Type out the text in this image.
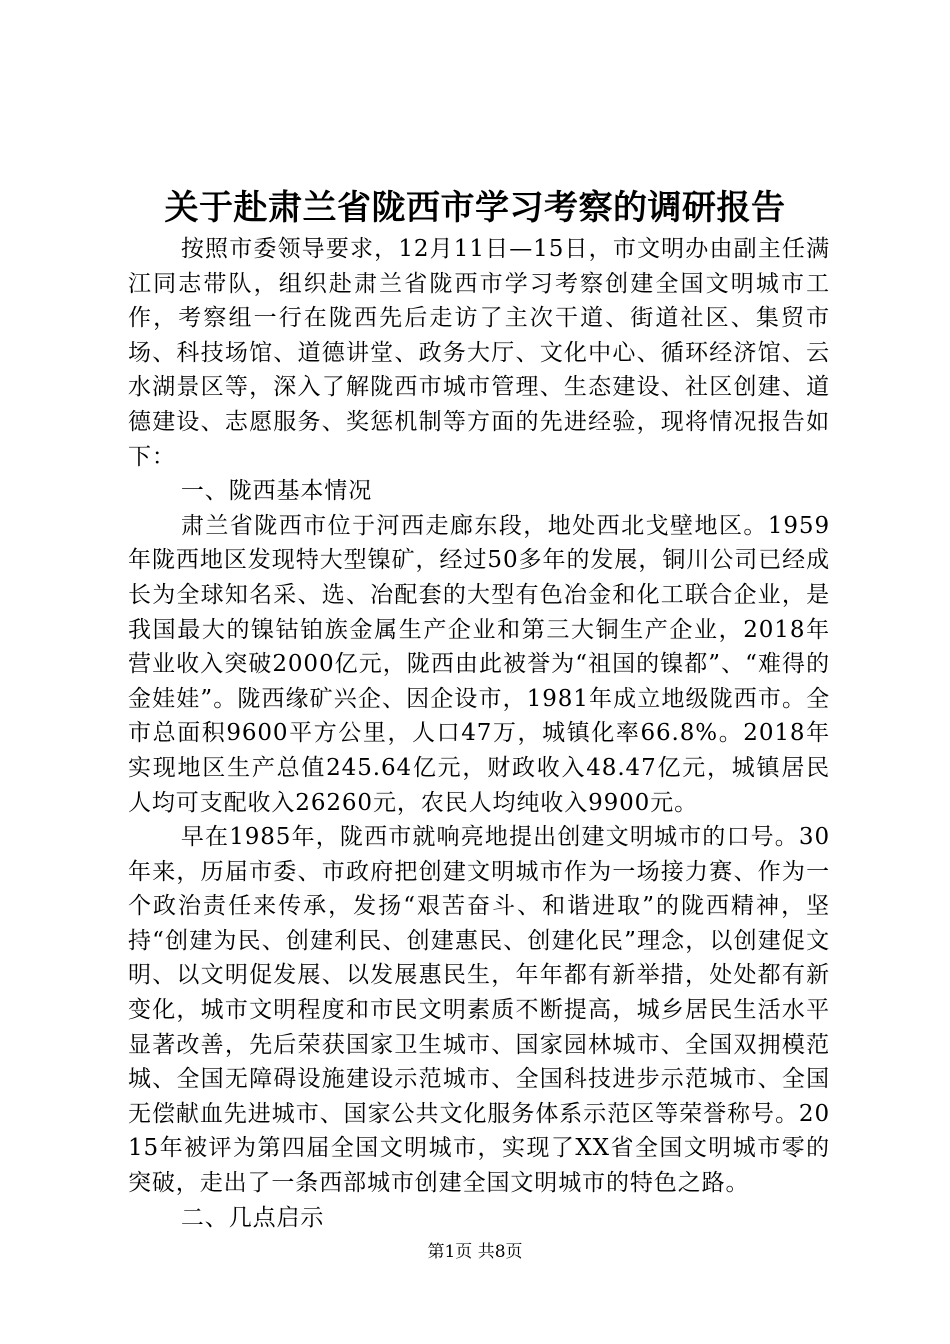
关于赴肃兰省陇西市学习考察的调研报告

按照市委领导要求，12月11日—15日，市文明办由副主任满江同志带队，组织赴肃兰省陇西市学习考察创建全国文明城市工作，考察组一行在陇西先后走访了主次干道、街道社区、集贸市场、科技场馆、道德讲堂、政务大厅、文化中心、循环经济馆、云水湖景区等，深入了解陇西市城市管理、生态建设、社区创建、道德建设、志愿服务、奖惩机制等方面的先进经验，现将情况报告如下：

一、陇西基本情况

肃兰省陇西市位于河西走廊东段，地处西北戈壁地区。1959年陇西地区发现特大型镍矿，经过50多年的发展，铜川公司已经成长为全球知名采、选、冶配套的大型有色冶金和化工联合企业，是我国最大的镍钴铂族金属生产企业和第三大铜生产企业，2018年营业收入突破2000亿元，陇西由此被誉为“祖国的镍都”、“难得的金娃娃”。陇西缘矿兴企、因企设市，1981年成立地级陇西市。全市总面积9600平方公里，人口47万，城镇化率66.8%。2018年实现地区生产总值245.64亿元，财政收入48.47亿元，城镇居民人均可支配收入26260元，农民人均纯收入9900元。

早在1985年，陇西市就响亮地提出创建文明城市的口号。30年来，历届市委、市政府把创建文明城市作为一场接力赛、作为一个政治责任来传承，发扬“艰苦奋斗、和谐进取”的陇西精神，坚持“创建为民、创建利民、创建惠民、创建化民”理念，以创建促文明、以文明促发展、以发展惠民生，年年都有新举措，处处都有新变化，城市文明程度和市民文明素质不断提高，城乡居民生活水平显著改善，先后荣获国家卫生城市、国家园林城市、全国双拥模范城、全国无障碍设施建设示范城市、全国科技进步示范城市、全国无偿献血先进城市、国家公共文化服务体系示范区等荣誉称号。2015年被评为第四届全国文明城市，实现了XX省全国文明城市零的突破，走出了一条西部城市创建全国文明城市的特色之路。

二、几点启示

第1页 共8页
